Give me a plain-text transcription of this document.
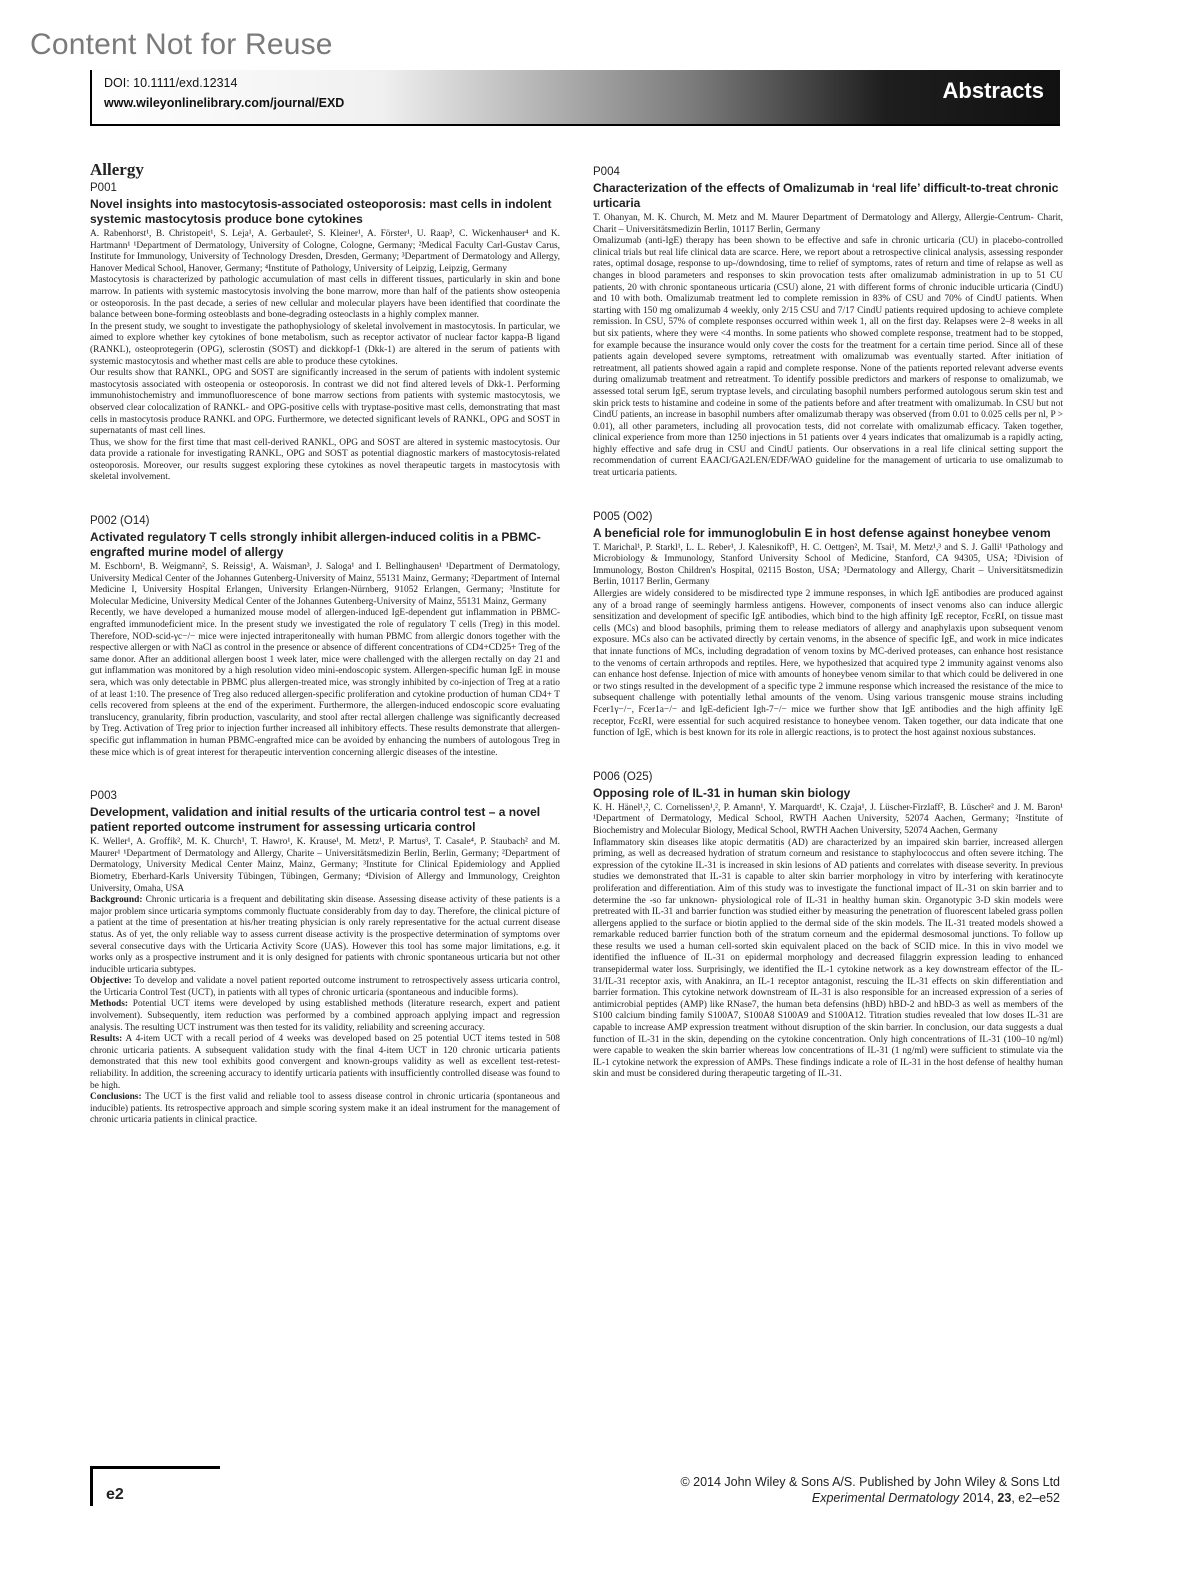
Content Not for Reuse
DOI: 10.1111/exd.12314
www.wileyonlinelibrary.com/journal/EXD	Abstracts
Allergy
P001
Novel insights into mastocytosis-associated osteoporosis: mast cells in indolent systemic mastocytosis produce bone cytokines
A. Rabenhorst¹, B. Christopeit¹, S. Leja¹, A. Gerbaulet², S. Kleiner¹, A. Förster¹, U. Raap³, C. Wickenhauser⁴ and K. Hartmann¹ ¹Department of Dermatology, University of Cologne, Cologne, Germany; ²Medical Faculty Carl-Gustav Carus, Institute for Immunology, University of Technology Dresden, Dresden, Germany; ³Department of Dermatology and Allergy, Hanover Medical School, Hanover, Germany; ⁴Institute of Pathology, University of Leipzig, Leipzig, Germany

Mastocytosis is characterized by pathologic accumulation of mast cells in different tissues, particularly in skin and bone marrow. In patients with systemic mastocytosis involving the bone marrow, more than half of the patients show osteopenia or osteoporosis. In the past decade, a series of new cellular and molecular players have been identified that coordinate the balance between bone-forming osteoblasts and bone-degrading osteoclasts in a highly complex manner.

In the present study, we sought to investigate the pathophysiology of skeletal involvement in mastocytosis. In particular, we aimed to explore whether key cytokines of bone metabolism, such as receptor activator of nuclear factor kappa-B ligand (RANKL), osteoprotegerin (OPG), sclerostin (SOST) and dickkopf-1 (Dkk-1) are altered in the serum of patients with systemic mastocytosis and whether mast cells are able to produce these cytokines.

Our results show that RANKL, OPG and SOST are significantly increased in the serum of patients with indolent systemic mastocytosis associated with osteopenia or osteoporosis. In contrast we did not find altered levels of Dkk-1. Performing immunohistochemistry and immunofluorescence of bone marrow sections from patients with systemic mastocytosis, we observed clear colocalization of RANKL- and OPG-positive cells with tryptase-positive mast cells, demonstrating that mast cells in mastocytosis produce RANKL and OPG. Furthermore, we detected significant levels of RANKL, OPG and SOST in supernatants of mast cell lines.

Thus, we show for the first time that mast cell-derived RANKL, OPG and SOST are altered in systemic mastocytosis. Our data provide a rationale for investigating RANKL, OPG and SOST as potential diagnostic markers of mastocytosis-related osteoporosis. Moreover, our results suggest exploring these cytokines as novel therapeutic targets in mastocytosis with skeletal involvement.

P002 (O14)
Activated regulatory T cells strongly inhibit allergen-induced colitis in a PBMC-engrafted murine model of allergy
M. Eschborn¹, B. Weigmann², S. Reissig¹, A. Waisman³, J. Saloga¹ and I. Bellinghausen¹ ¹Department of Dermatology, University Medical Center of the Johannes Gutenberg-University of Mainz, 55131 Mainz, Germany; ²Department of Internal Medicine I, University Hospital Erlangen, University Erlangen-Nürnberg, 91052 Erlangen, Germany; ³Institute for Molecular Medicine, University Medical Center of the Johannes Gutenberg-University of Mainz, 55131 Mainz, Germany

Recently, we have developed a humanized mouse model of allergen-induced IgE-dependent gut inflammation in PBMC-engrafted immunodeficient mice. In the present study we investigated the role of regulatory T cells (Treg) in this model. Therefore, NOD-scid-γc−/− mice were injected intraperitoneally with human PBMC from allergic donors together with the respective allergen or with NaCl as control in the presence or absence of different concentrations of CD4+CD25+ Treg of the same donor. After an additional allergen boost 1 week later, mice were challenged with the allergen rectally on day 21 and gut inflammation was monitored by a high resolution video mini-endoscopic system. Allergen-specific human IgE in mouse sera, which was only detectable in PBMC plus allergen-treated mice, was strongly inhibited by co-injection of Treg at a ratio of at least 1:10. The presence of Treg also reduced allergen-specific proliferation and cytokine production of human CD4+ T cells recovered from spleens at the end of the experiment. Furthermore, the allergen-induced endoscopic score evaluating translucency, granularity, fibrin production, vascularity, and stool after rectal allergen challenge was significantly decreased by Treg. Activation of Treg prior to injection further increased all inhibitory effects. These results demonstrate that allergen-specific gut inflammation in human PBMC-engrafted mice can be avoided by enhancing the numbers of autologous Treg in these mice which is of great interest for therapeutic intervention concerning allergic diseases of the intestine.

P003
Development, validation and initial results of the urticaria control test – a novel patient reported outcome instrument for assessing urticaria control
K. Weller¹, A. Groffik², M. K. Church¹, T. Hawro¹, K. Krause¹, M. Metz¹, P. Martus³, T. Casale⁴, P. Staubach² and M. Maurer¹ ¹Department of Dermatology and Allergy, Charite – Universitätsmedizin Berlin, Berlin, Germany; ²Department of Dermatology, University Medical Center Mainz, Mainz, Germany; ³Institute for Clinical Epidemiology and Applied Biometry, Eberhard-Karls University Tübingen, Tübingen, Germany; ⁴Division of Allergy and Immunology, Creighton University, Omaha, USA

Background: Chronic urticaria is a frequent and debilitating skin disease. Assessing disease activity of these patients is a major problem since urticaria symptoms commonly fluctuate considerably from day to day. Therefore, the clinical picture of a patient at the time of presentation at his/her treating physician is only rarely representative for the actual current disease status. As of yet, the only reliable way to assess current disease activity is the prospective determination of symptoms over several consecutive days with the Urticaria Activity Score (UAS). However this tool has some major limitations, e.g. it works only as a prospective instrument and it is only designed for patients with chronic spontaneous urticaria but not other inducible urticaria subtypes.

Objective: To develop and validate a novel patient reported outcome instrument to retrospectively assess urticaria control, the Urticaria Control Test (UCT), in patients with all types of chronic urticaria (spontaneous and inducible forms).

Methods: Potential UCT items were developed by using established methods (literature research, expert and patient involvement). Subsequently, item reduction was performed by a combined approach applying impact and regression analysis. The resulting UCT instrument was then tested for its validity, reliability and screening accuracy.

Results: A 4-item UCT with a recall period of 4 weeks was developed based on 25 potential UCT items tested in 508 chronic urticaria patients. A subsequent validation study with the final 4-item UCT in 120 chronic urticaria patients demonstrated that this new tool exhibits good convergent and known-groups validity as well as excellent test-retest-reliability. In addition, the screening accuracy to identify urticaria patients with insufficiently controlled disease was found to be high.

Conclusions: The UCT is the first valid and reliable tool to assess disease control in chronic urticaria (spontaneous and inducible) patients. Its retrospective approach and simple scoring system make it an ideal instrument for the management of chronic urticaria patients in clinical practice.

P004
Characterization of the effects of Omalizumab in ‘real life’ difficult-to-treat chronic urticaria
T. Ohanyan, M. K. Church, M. Metz and M. Maurer Department of Dermatology and Allergy, Allergie-Centrum- Charit, Charit – Universitätsmedizin Berlin, 10117 Berlin, Germany

Omalizumab (anti-IgE) therapy has been shown to be effective and safe in chronic urticaria (CU) in placebo-controlled clinical trials but real life clinical data are scarce. Here, we report about a retrospective clinical analysis, assessing responder rates, optimal dosage, response to up-/downdosing, time to relief of symptoms, rates of return and time of relapse as well as changes in blood parameters and responses to skin provocation tests after omalizumab administration in up to 51 CU patients, 20 with chronic spontaneous urticaria (CSU) alone, 21 with different forms of chronic inducible urticaria (CindU) and 10 with both. Omalizumab treatment led to complete remission in 83% of CSU and 70% of CindU patients. When starting with 150 mg omalizumab 4 weekly, only 2/15 CSU and 7/17 CindU patients required updosing to achieve complete remission. In CSU, 57% of complete responses occurred within week 1, all on the first day. Relapses were 2–8 weeks in all but six patients, where they were <4 months. In some patients who showed complete response, treatment had to be stopped, for example because the insurance would only cover the costs for the treatment for a certain time period. Since all of these patients again developed severe symptoms, retreatment with omalizumab was eventually started. After initiation of retreatment, all patients showed again a rapid and complete response. None of the patients reported relevant adverse events during omalizumab treatment and retreatment. To identify possible predictors and markers of response to omalizumab, we assessed total serum IgE, serum tryptase levels, and circulating basophil numbers performed autologous serum skin test and skin prick tests to histamine and codeine in some of the patients before and after treatment with omalizumab. In CSU but not CindU patients, an increase in basophil numbers after omalizumab therapy was observed (from 0.01 to 0.025 cells per nl, P > 0.01), all other parameters, including all provocation tests, did not correlate with omalizumab efficacy. Taken together, clinical experience from more than 1250 injections in 51 patients over 4 years indicates that omalizumab is a rapidly acting, highly effective and safe drug in CSU and CindU patients. Our observations in a real life clinical setting support the recommendation of current EAACI/GA2LEN/EDF/WAO guideline for the management of urticaria to use omalizumab to treat urticaria patients.

P005 (O02)
A beneficial role for immunoglobulin E in host defense against honeybee venom
T. Marichal¹, P. Starkl¹, L. L. Reber¹, J. Kalesnikoff¹, H. C. Oettgen², M. Tsai¹, M. Metz¹,³ and S. J. Galli¹ ¹Pathology and Microbiology & Immunology, Stanford University School of Medicine, Stanford, CA 94305, USA; ²Division of Immunology, Boston Children's Hospital, 02115 Boston, USA; ³Dermatology and Allergy, Charit – Universitätsmedizin Berlin, 10117 Berlin, Germany

Allergies are widely considered to be misdirected type 2 immune responses, in which IgE antibodies are produced against any of a broad range of seemingly harmless antigens. However, components of insect venoms also can induce allergic sensitization and development of specific IgE antibodies, which bind to the high affinity IgE receptor, FcεRI, on tissue mast cells (MCs) and blood basophils, priming them to release mediators of allergy and anaphylaxis upon subsequent venom exposure. MCs also can be activated directly by certain venoms, in the absence of specific IgE, and work in mice indicates that innate functions of MCs, including degradation of venom toxins by MC-derived proteases, can enhance host resistance to the venoms of certain arthropods and reptiles. Here, we hypothesized that acquired type 2 immunity against venoms also can enhance host defense. Injection of mice with amounts of honeybee venom similar to that which could be delivered in one or two stings resulted in the development of a specific type 2 immune response which increased the resistance of the mice to subsequent challenge with potentially lethal amounts of the venom. Using various transgenic mouse strains including Fcer1γ−/−, Fcer1a−/− and IgE-deficient Igh-7−/− mice we further show that IgE antibodies and the high affinity IgE receptor, FcεRI, were essential for such acquired resistance to honeybee venom. Taken together, our data indicate that one function of IgE, which is best known for its role in allergic reactions, is to protect the host against noxious substances.

P006 (O25)
Opposing role of IL-31 in human skin biology
K. H. Hänel¹,², C. Cornelissen¹,², P. Amann¹, Y. Marquardt¹, K. Czaja¹, J. Lüscher-Firzlaff², B. Lüscher² and J. M. Baron¹ ¹Department of Dermatology, Medical School, RWTH Aachen University, 52074 Aachen, Germany; ²Institute of Biochemistry and Molecular Biology, Medical School, RWTH Aachen University, 52074 Aachen, Germany

Inflammatory skin diseases like atopic dermatitis (AD) are characterized by an impaired skin barrier, increased allergen priming, as well as decreased hydration of stratum corneum and resistance to staphylococcus and often severe itching. The expression of the cytokine IL-31 is increased in skin lesions of AD patients and correlates with disease severity. In previous studies we demonstrated that IL-31 is capable to alter skin barrier morphology in vitro by interfering with keratinocyte proliferation and differentiation. Aim of this study was to investigate the functional impact of IL-31 on skin barrier and to determine the -so far unknown- physiological role of IL-31 in healthy human skin. Organotypic 3-D skin models were pretreated with IL-31 and barrier function was studied either by measuring the penetration of fluorescent labeled grass pollen allergens applied to the surface or biotin applied to the dermal side of the skin models. The IL-31 treated models showed a remarkable reduced barrier function both of the stratum corneum and the epidermal desmosomal junctions. To follow up these results we used a human cell-sorted skin equivalent placed on the back of SCID mice. In this in vivo model we identified the influence of IL-31 on epidermal morphology and decreased filaggrin expression leading to enhanced transepidermal water loss. Surprisingly, we identified the IL-1 cytokine network as a key downstream effector of the IL-31/IL-31 receptor axis, with Anakinra, an IL-1 receptor antagonist, rescuing the IL-31 effects on skin differentiation and barrier formation. This cytokine network downstream of IL-31 is also responsible for an increased expression of a series of antimicrobial peptides (AMP) like RNase7, the human beta defensins (hBD) hBD-2 and hBD-3 as well as members of the S100 calcium binding family S100A7, S100A8 S100A9 and S100A12. Titration studies revealed that low doses IL-31 are capable to increase AMP expression treatment without disruption of the skin barrier. In conclusion, our data suggests a dual function of IL-31 in the skin, depending on the cytokine concentration. Only high concentrations of IL-31 (100–10 ng/ml) were capable to weaken the skin barrier whereas low concentrations of IL-31 (1 ng/ml) were sufficient to stimulate via the IL-1 cytokine network the expression of AMPs. These findings indicate a role of IL-31 in the host defense of healthy human skin and must be considered during therapeutic targeting of IL-31.

e2
© 2014 John Wiley & Sons A/S. Published by John Wiley & Sons Ltd
Experimental Dermatology 2014, 23, e2–e52
